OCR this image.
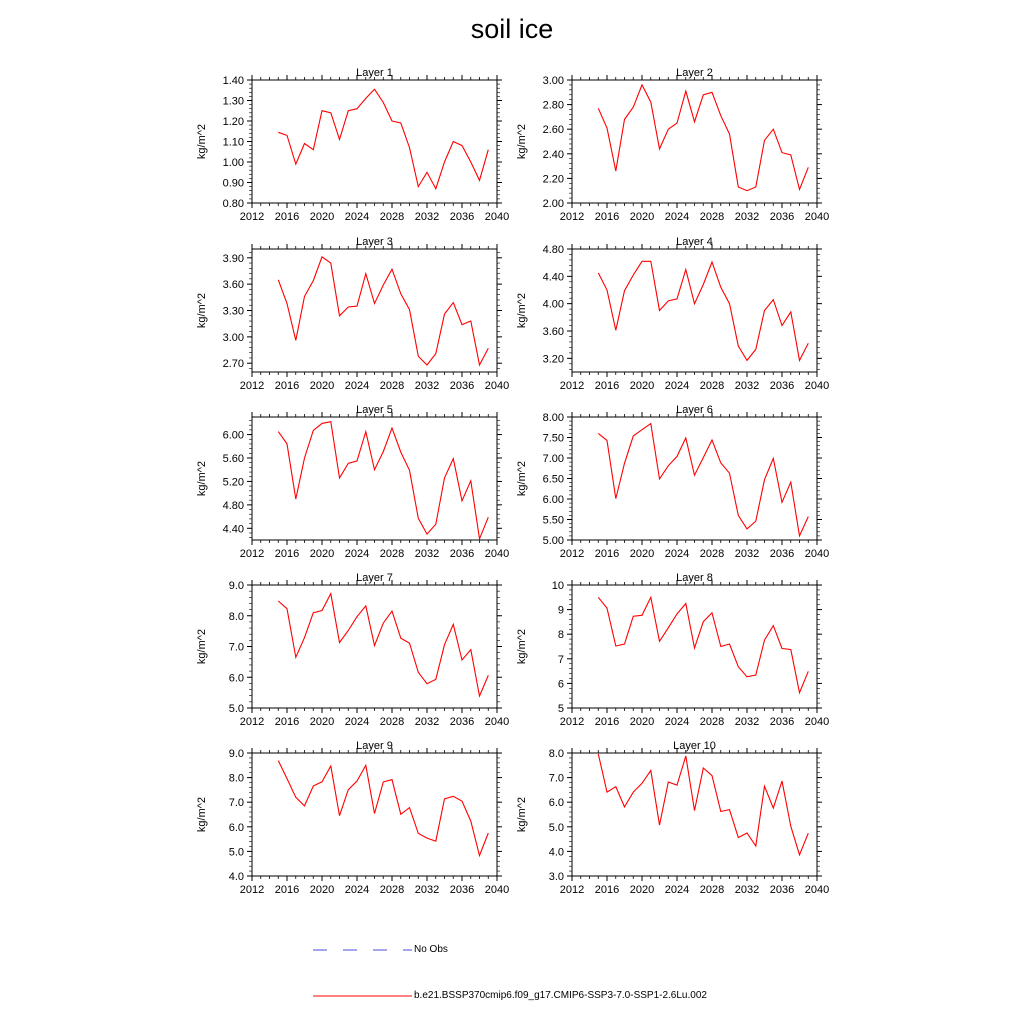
soil ice
Layer 1
kg/m^2
2012 2016 2020 2024 2028 2032 2036 2040
0.80
0.90
1.00
1.10
1.20
1.30
1.40
Layer 2
kg/m^2
2012 2016 2020 2024 2028 2032 2036 2040
2.00
2.20
2.40
2.60
2.80
3.00
Layer 3
kg/m^2
2012 2016 2020 2024 2028 2032 2036 2040
2.70
3.00
3.30
3.60
3.90
Layer 4
kg/m^2
2012 2016 2020 2024 2028 2032 2036 2040
3.20
3.60
4.00
4.40
4.80
Layer 5
kg/m^2
2012 2016 2020 2024 2028 2032 2036 2040
4.40
4.80
5.20
5.60
6.00
Layer 6
kg/m^2
2012 2016 2020 2024 2028 2032 2036 2040
5.00
5.50
6.00
6.50
7.00
7.50
8.00
Layer 7
kg/m^2
2012 2016 2020 2024 2028 2032 2036 2040
5.0
6.0
7.0
8.0
9.0
Layer 8
kg/m^2
2012 2016 2020 2024 2028 2032 2036 2040
5
6
7
8
9
10
Layer 9
kg/m^2
2012 2016 2020 2024 2028 2032 2036 2040
4.0
5.0
6.0
7.0
8.0
9.0
Layer 10
kg/m^2
2012 2016 2020 2024 2028 2032 2036 2040
3.0
4.0
5.0
6.0
7.0
8.0
No Obs
b.e21.BSSP370cmip6.f09_g17.CMIP6-SSP3-7.0-SSP1-2.6Lu.002
